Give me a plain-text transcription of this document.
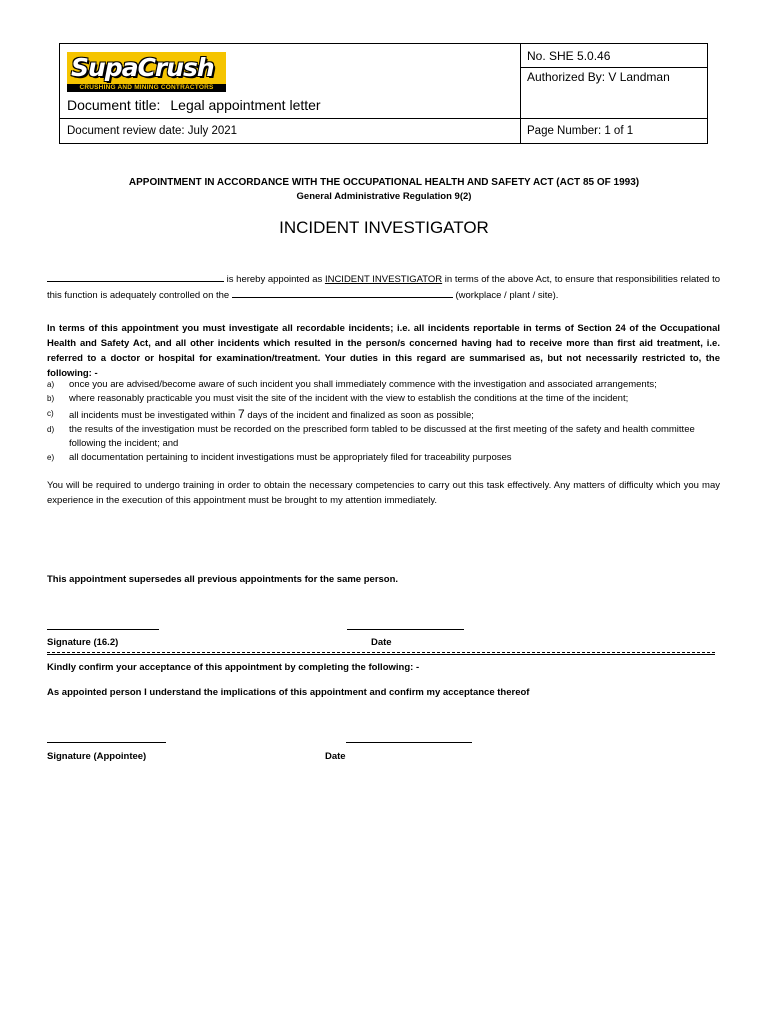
SupaCrush
CRUSHING AND MINING CONTRACTORS
Document title: Legal appointment letter
Document review date: July 2021
No. SHE 5.0.46
Authorized By: V Landman
Page Number: 1 of 1
APPOINTMENT IN ACCORDANCE WITH THE OCCUPATIONAL HEALTH AND SAFETY ACT (ACT 85 OF 1993)
General Administrative Regulation 9(2)
INCIDENT INVESTIGATOR
is hereby appointed as INCIDENT INVESTIGATOR in terms of the above Act, to ensure that responsibilities related to this function is adequately controlled on the	(workplace / plant / site).
In terms of this appointment you must investigate all recordable incidents; i.e. all incidents reportable in terms of Section 24 of the Occupational Health and Safety Act, and all other incidents which resulted in the person/s concerned having had to receive more than first aid treatment, i.e. referred to a doctor or hospital for examination/treatment. Your duties in this regard are summarised as, but not necessarily restricted to, the following: -
a)	once you are advised/become aware of such incident you shall immediately commence with the investigation and associated arrangements;
b)	where reasonably practicable you must visit the site of the incident with the view to establish the conditions at the time of the incident;
c)	all incidents must be investigated within 7 days of the incident and finalized as soon as possible;
d)	the results of the investigation must be recorded on the prescribed form tabled to be discussed at the first meeting of the safety and health committee following the incident; and
e)	all documentation pertaining to incident investigations must be appropriately filed for traceability purposes
You will be required to undergo training in order to obtain the necessary competencies to carry out this task effectively. Any matters of difficulty which you may experience in the execution of this appointment must be brought to my attention immediately.
This appointment supersedes all previous appointments for the same person.
Signature (16.2)	Date
Kindly confirm your acceptance of this appointment by completing the following: -
As appointed person I understand the implications of this appointment and confirm my acceptance thereof
Signature (Appointee)	Date
